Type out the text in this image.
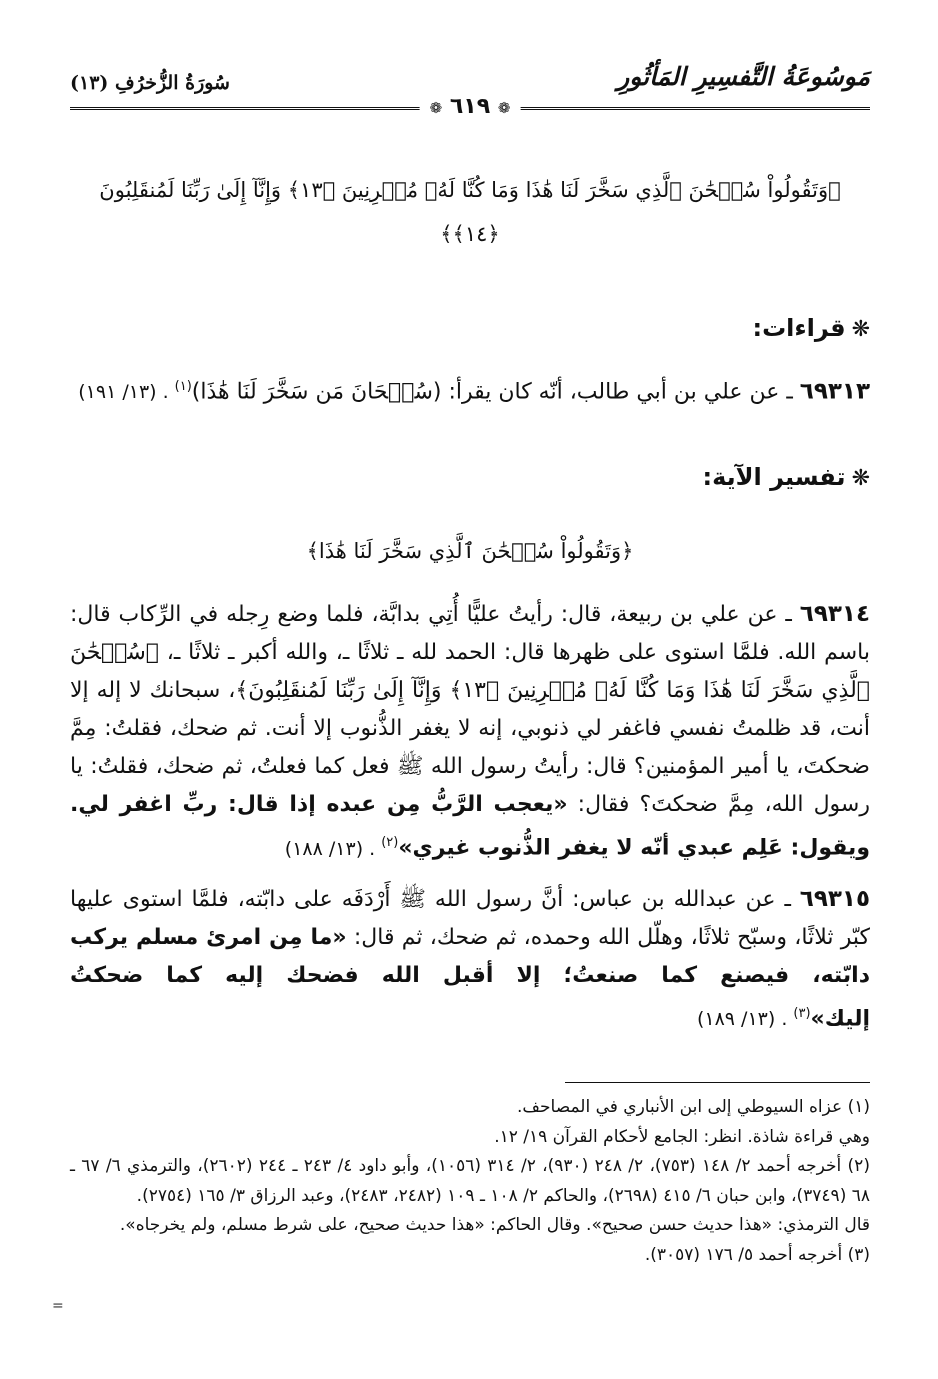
مَوسُوعَةُ التَّفسِيرِ المَأثُورِ
سُورَةُ الزُّخرُفِ (١٣)
❁ ٦١٩ ❁

﴿وَتَقُولُواْ سُبۡحَٰنَ ٱلَّذِي سَخَّرَ لَنَا هَٰذَا وَمَا كُنَّا لَهُۥ مُقۡرِنِينَ ﴿١٣﴾ وَإِنَّآ إِلَىٰ رَبِّنَا لَمُنقَلِبُونَ ﴿١٤﴾﴾

❋قراءات:

٦٩٣١٣ ـ عن علي بن أبي طالب، أنّه كان يقرأ: (سُبۡحَانَ مَن سَخَّرَ لَنَا هَٰذَا)$^{(١)}$. (١٣/ ١٩١)

❋تفسير الآية:

﴿وَتَقُولُواْ سُبۡحَٰنَ ٱلَّذِي سَخَّرَ لَنَا هَٰذَا﴾

٦٩٣١٤ ـ عن علي بن ربيعة، قال: رأيتُ عليًّا أُتِي بدابَّة، فلما وضع رِجله في الرِّكاب قال: باسم الله. فلمَّا استوى على ظهرها قال: الحمد لله ـ ثلاثًا ـ، والله أكبر ـ ثلاثًا ـ، ﴿سُبۡحَٰنَ ٱلَّذِي سَخَّرَ لَنَا هَٰذَا وَمَا كُنَّا لَهُۥ مُقۡرِنِينَ ﴿١٣﴾ وَإِنَّآ إِلَىٰ رَبِّنَا لَمُنقَلِبُونَ﴾، سبحانك لا إله إلا أنت، قد ظلمتُ نفسي فاغفر لي ذنوبي، إنه لا يغفر الذُّنوب إلا أنت. ثم ضحك، فقلتُ: مِمَّ ضحكتَ، يا أمير المؤمنين؟ قال: رأيتُ رسول الله ﷺ فعل كما فعلتُ، ثم ضحك، فقلتُ: يا رسول الله، مِمَّ ضحكتَ؟ فقال: «يعجب الرَّبُّ مِن عبده إذا قال: ربِّ اغفر لي. ويقول: عَلِم عبدي أنّه لا يغفر الذُّنوب غيري»$^{(٢)}$. (١٣/ ١٨٨)

٦٩٣١٥ ـ عن عبدالله بن عباس: أنَّ رسول الله ﷺ أَرْدَفَه على دابّته، فلمَّا استوى عليها كبّر ثلاثًا، وسبّح ثلاثًا، وهلّل الله وحمده، ثم ضحك، ثم قال: «ما مِن امرئ مسلم يركب دابّته، فيصنع كما صنعتُ؛ إلا أقبل الله فضحك إليه كما ضحكتُ إليك»$^{(٣)}$. (١٣/ ١٨٩)

(١) عزاه السيوطي إلى ابن الأنباري في المصاحف.

وهي قراءة شاذة. انظر: الجامع لأحكام القرآن ١٩/ ١٢.

(٢) أخرجه أحمد ٢/ ١٤٨ (٧٥٣)، ٢/ ٢٤٨ (٩٣٠)، ٢/ ٣١٤ (١٠٥٦)، وأبو داود ٤/ ٢٤٣ ـ ٢٤٤ (٢٦٠٢)، والترمذي ٦/ ٦٧ ـ ٦٨ (٣٧٤٩)، وابن حبان ٦/ ٤١٥ (٢٦٩٨)، والحاكم ٢/ ١٠٨ ـ ١٠٩ (٢٤٨٢، ٢٤٨٣)، وعبد الرزاق ٣/ ١٦٥ (٢٧٥٤).

قال الترمذي: «هذا حديث حسن صحيح». وقال الحاكم: «هذا حديث صحيح، على شرط مسلم، ولم يخرجاه».

(٣) أخرجه أحمد ٥/ ١٧٦ (٣٠٥٧).

=
